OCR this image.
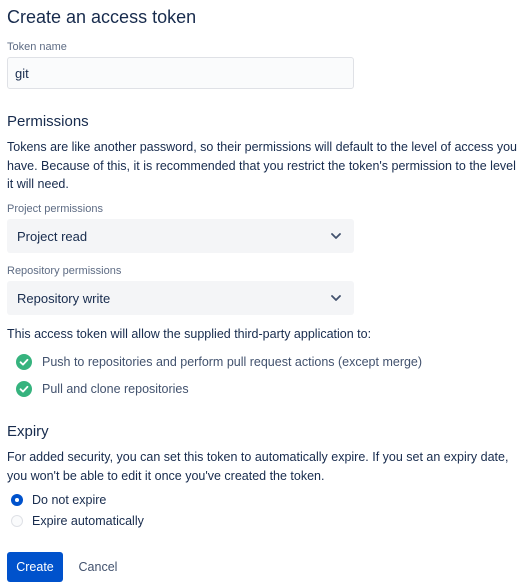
Create an access token
Token name
git
Permissions
Tokens are like another password, so their permissions will default to the level of access you have. Because of this, it is recommended that you restrict the token's permission to the level it will need.
Project permissions
Project read
Repository permissions
Repository write
This access token will allow the supplied third-party application to:
Push to repositories and perform pull request actions (except merge)
Pull and clone repositories
Expiry
For added security, you can set this token to automatically expire. If you set an expiry date, you won't be able to edit it once you've created the token.
Do not expire
Expire automatically
Create	Cancel
